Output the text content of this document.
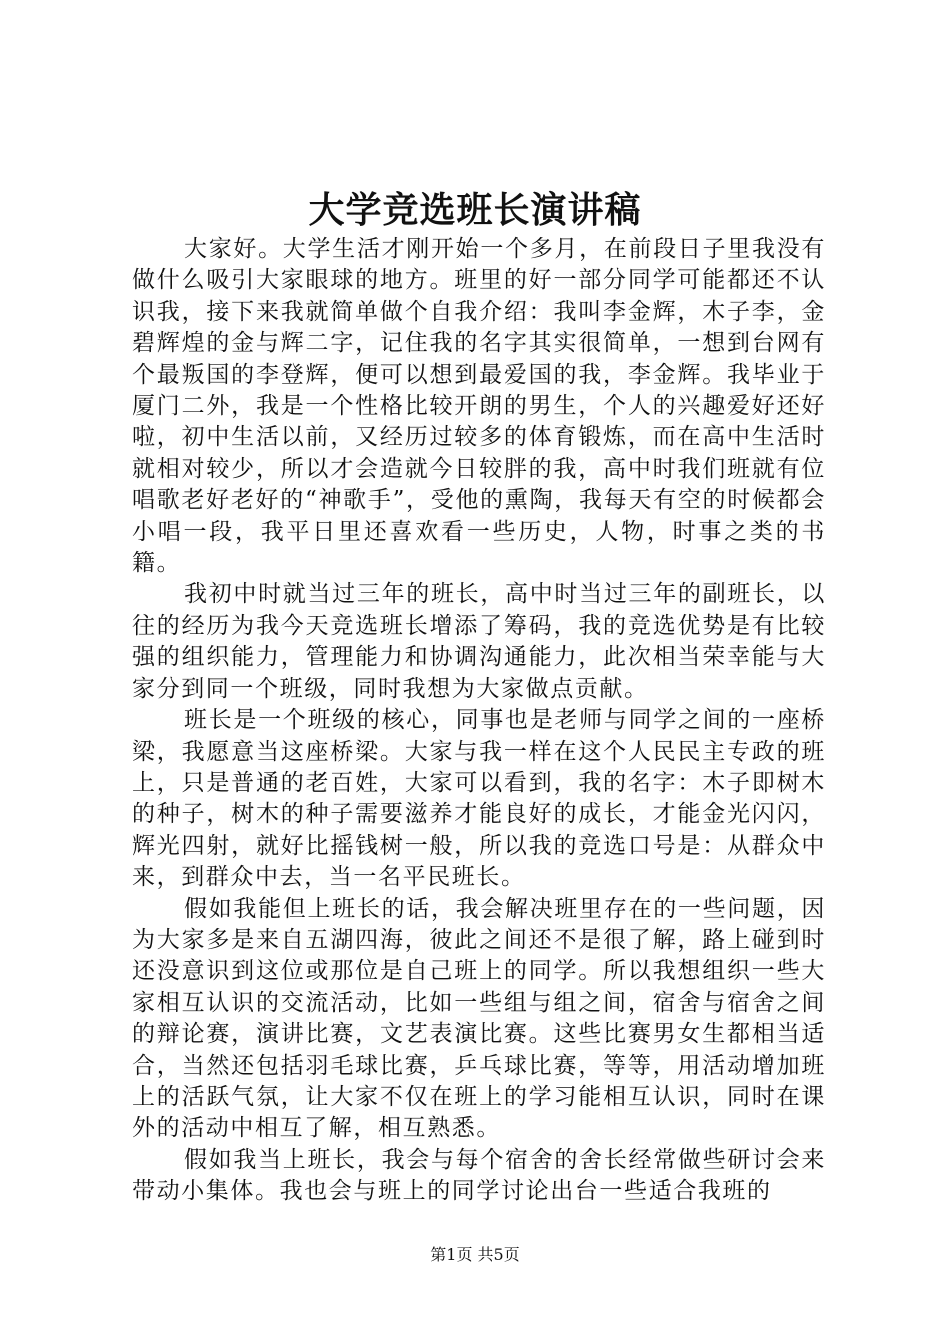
大学竞选班长演讲稿

大家好。大学生活才刚开始一个多月，在前段日子里我没有做什么吸引大家眼球的地方。班里的好一部分同学可能都还不认识我，接下来我就简单做个自我介绍：我叫李金辉，木子李，金碧辉煌的金与辉二字，记住我的名字其实很简单，一想到台网有个最叛国的李登辉，便可以想到最爱国的我，李金辉。我毕业于厦门二外，我是一个性格比较开朗的男生，个人的兴趣爱好还好啦，初中生活以前，又经历过较多的体育锻炼，而在高中生活时就相对较少，所以才会造就今日较胖的我，高中时我们班就有位唱歌老好老好的“神歌手”，受他的熏陶，我每天有空的时候都会小唱一段，我平日里还喜欢看一些历史，人物，时事之类的书籍。

我初中时就当过三年的班长，高中时当过三年的副班长，以往的经历为我今天竞选班长增添了筹码，我的竞选优势是有比较强的组织能力，管理能力和协调沟通能力，此次相当荣幸能与大家分到同一个班级，同时我想为大家做点贡献。

班长是一个班级的核心，同事也是老师与同学之间的一座桥梁，我愿意当这座桥梁。大家与我一样在这个人民民主专政的班上，只是普通的老百姓，大家可以看到，我的名字：木子即树木的种子，树木的种子需要滋养才能良好的成长，才能金光闪闪，辉光四射，就好比摇钱树一般，所以我的竞选口号是：从群众中来，到群众中去，当一名平民班长。

假如我能但上班长的话，我会解决班里存在的一些问题，因为大家多是来自五湖四海，彼此之间还不是很了解，路上碰到时还没意识到这位或那位是自己班上的同学。所以我想组织一些大家相互认识的交流活动，比如一些组与组之间，宿舍与宿舍之间的辩论赛，演讲比赛，文艺表演比赛。这些比赛男女生都相当适合，当然还包括羽毛球比赛，乒乓球比赛，等等，用活动增加班上的活跃气氛，让大家不仅在班上的学习能相互认识，同时在课外的活动中相互了解，相互熟悉。

假如我当上班长，我会与每个宿舍的舍长经常做些研讨会来带动小集体。我也会与班上的同学讨论出台一些适合我班的

第1页 共5页
